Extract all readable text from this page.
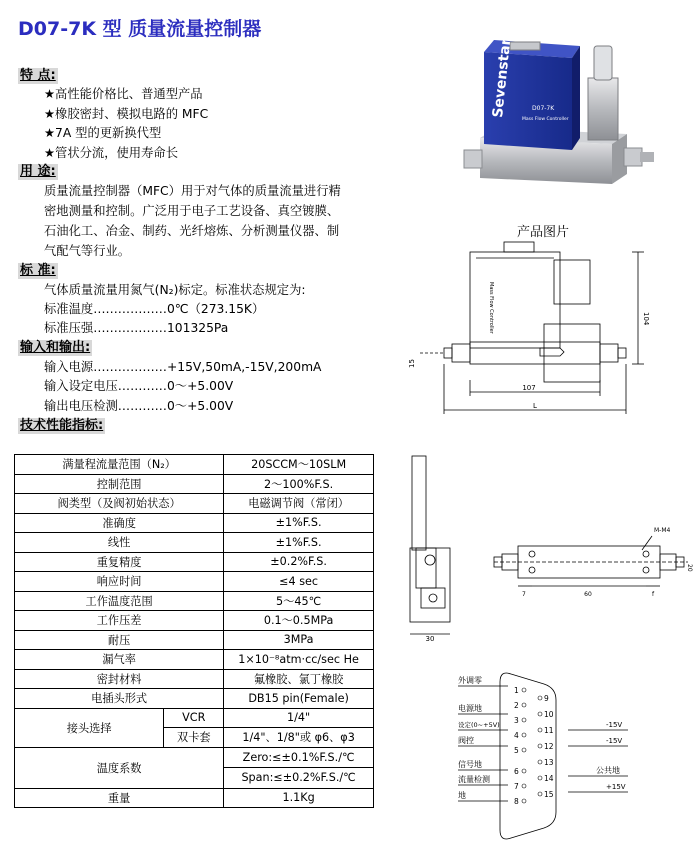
D07-7K 型 质量流量控制器
特 点:
★高性能价格比、普通型产品
★橡胶密封、模拟电路的 MFC
★7A 型的更新换代型
★管状分流，使用寿命长
用 途:
质量流量控制器（MFC）用于对气体的质量流量进行精
密地测量和控制。广泛用于电子工艺设备、真空镀膜、
石油化工、冶金、制药、光纤熔炼、分析测量仪器、制
气配气等行业。
标 准:
气体质量流量用氮气(N₂)标定。标准状态规定为:
标准温度………………0℃（273.15K）
标准压强………………101325Pa
输入和输出:
输入电源………………+15V,50mA,-15V,200mA
输入设定电压…………0～+5.00V
输出电压检测…………0～+5.00V
技术性能指标:
满量程流量范围（N₂）		20SCCM～10SLM
控制范围		2～100%F.S.
阀类型（及阀初始状态）		电磁调节阀（常闭）
准确度		±1%F.S.
线性		±1%F.S.
重复精度		±0.2%F.S.
响应时间		≤4 sec
工作温度范围		5～45℃
工作压差		0.1～0.5MPa
耐压		3MPa
漏气率		1×10⁻⁸atm·cc/sec He
密封材料		氟橡胶、氯丁橡胶
电插头形式		DB15 pin(Female)
接头选择	VCR	1/4"
	双卡套	1/4"、1/8"或 φ6、φ3
温度系数		Zero:≤±0.1%F.S./℃
		Span:≤±0.2%F.S./℃
重量		1.1Kg
Sevenstar	D07-7K
Mass Flow Controller
产品图片
Mass Flow Controller
107
L
104
15
30
M-M4
7	60	f
20
1
2
3
4
5
6
7
8
9
10
11
12
13
14
15
外调零
电源地
设定(0~+5V)
阀控
信号地
流量检测
地
-15V
-15V
公共地
+15V
